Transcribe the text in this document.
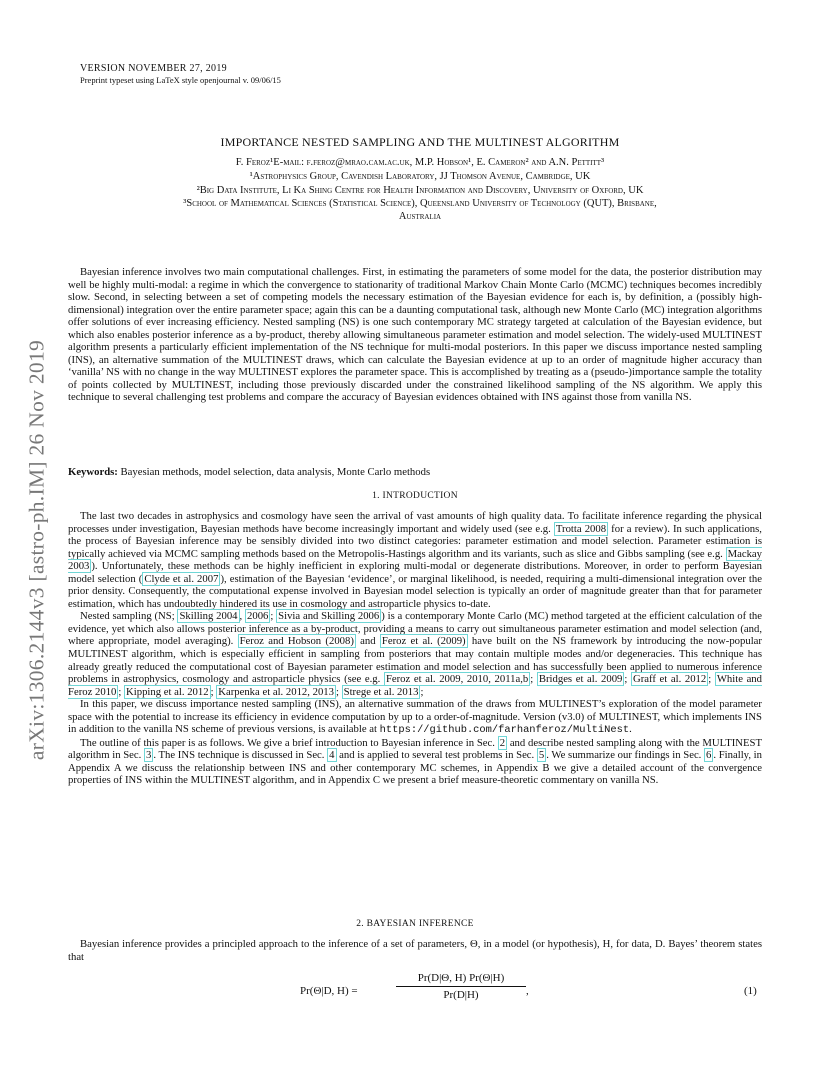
VERSION NOVEMBER 27, 2019
Preprint typeset using LaTeX style openjournal v. 09/06/15
arXiv:1306.2144v3 [astro-ph.IM] 26 Nov 2019
IMPORTANCE NESTED SAMPLING AND THE MULTINEST ALGORITHM
F. Feroz¹E-mail: f.feroz@mrao.cam.ac.uk, M.P. Hobson¹, E. Cameron² and A.N. Pettitt³
¹Astrophysics Group, Cavendish Laboratory, JJ Thomson Avenue, Cambridge, UK
²Big Data Institute, Li Ka Shing Centre for Health Information and Discovery, University of Oxford, UK
³School of Mathematical Sciences (Statistical Science), Queensland University of Technology (QUT), Brisbane,
Australia

Bayesian inference involves two main computational challenges. First, in estimating the parameters of some model for the data, the posterior distribution may well be highly multi-modal: a regime in which the convergence to stationarity of traditional Markov Chain Monte Carlo (MCMC) techniques becomes incredibly slow. Second, in selecting between a set of competing models the necessary estimation of the Bayesian evidence for each is, by definition, a (possibly high-dimensional) integration over the entire parameter space; again this can be a daunting computational task, although new Monte Carlo (MC) integration algorithms offer solutions of ever increasing efficiency. Nested sampling (NS) is one such contemporary MC strategy targeted at calculation of the Bayesian evidence, but which also enables posterior inference as a by-product, thereby allowing simultaneous parameter estimation and model selection. The widely-used MULTINEST algorithm presents a particularly efficient implementation of the NS technique for multi-modal posteriors. In this paper we discuss importance nested sampling (INS), an alternative summation of the MULTINEST draws, which can calculate the Bayesian evidence at up to an order of magnitude higher accuracy than ‘vanilla’ NS with no change in the way MULTINEST explores the parameter space. This is accomplished by treating as a (pseudo-)importance sample the totality of points collected by MULTINEST, including those previously discarded under the constrained likelihood sampling of the NS algorithm. We apply this technique to several challenging test problems and compare the accuracy of Bayesian evidences obtained with INS against those from vanilla NS.

Keywords: Bayesian methods, model selection, data analysis, Monte Carlo methods
1. INTRODUCTION

The last two decades in astrophysics and cosmology have seen the arrival of vast amounts of high quality data. To facilitate inference regarding the physical processes under investigation, Bayesian methods have become increasingly important and widely used (see e.g. Trotta 2008 for a review). In such applications, the process of Bayesian inference may be sensibly divided into two distinct categories: parameter estimation and model selection. Parameter estimation is typically achieved via MCMC sampling methods based on the Metropolis-Hastings algorithm and its variants, such as slice and Gibbs sampling (see e.g. Mackay 2003 ). Unfortunately, these methods can be highly inefficient in exploring multi-modal or degenerate distributions. Moreover, in order to perform Bayesian model selection ( Clyde et al. 2007 ), estimation of the Bayesian ‘evidence’, or marginal likelihood, is needed, requiring a multi-dimensional integration over the prior density. Consequently, the computational expense involved in Bayesian model selection is typically an order of magnitude greater than that for parameter estimation, which has undoubtedly hindered its use in cosmology and astroparticle physics to-date.

Nested sampling (NS; Skilling 2004 , 2006 ; Sivia and Skilling 2006 ) is a contemporary Monte Carlo (MC) method targeted at the efficient calculation of the evidence, yet which also allows posterior inference as a by-product, providing a means to carry out simultaneous parameter estimation and model selection (and, where appropriate, model averaging). Feroz and Hobson (2008) and Feroz et al. (2009) have built on the NS framework by introducing the now-popular MULTINEST algorithm, which is especially efficient in sampling from posteriors that may contain multiple modes and/or degeneracies. This technique has already greatly reduced the computational cost of Bayesian parameter estimation and model selection and has successfully been applied to numerous inference problems in astrophysics, cosmology and astroparticle physics (see e.g. Feroz et al. 2009, 2010, 2011a,b ; Bridges et al. 2009 ; Graff et al. 2012 ; White and Feroz 2010 ; Kipping et al. 2012 ; Karpenka et al. 2012, 2013 ; Strege et al. 2013 ;

In this paper, we discuss importance nested sampling (INS), an alternative summation of the draws from MULTINEST’s exploration of the model parameter space with the potential to increase its efficiency in evidence computation by up to a order-of-magnitude. Version (v3.0) of MULTINEST, which implements INS in addition to the vanilla NS scheme of previous versions, is available at https://github.com/farhanferoz/MultiNest.

The outline of this paper is as follows. We give a brief introduction to Bayesian inference in Sec. 2 and describe nested sampling along with the MULTINEST algorithm in Sec. 3 . The INS technique is discussed in Sec. 4 and is applied to several test problems in Sec. 5 . We summarize our findings in Sec. 6 . Finally, in Appendix A we discuss the relationship between INS and other contemporary MC schemes, in Appendix B we give a detailed account of the convergence properties of INS within the MULTINEST algorithm, and in Appendix C we present a brief measure-theoretic commentary on vanilla NS.

2. BAYESIAN INFERENCE

Bayesian inference provides a principled approach to the inference of a set of parameters, Θ, in a model (or hypothesis), H, for data, D. Bayes’ theorem states that

Pr(Θ|D, H) =	$\frac{Pr(D|\Theta, H) Pr(\Theta|H)}{Pr(D|H)}$ ,	(1)
